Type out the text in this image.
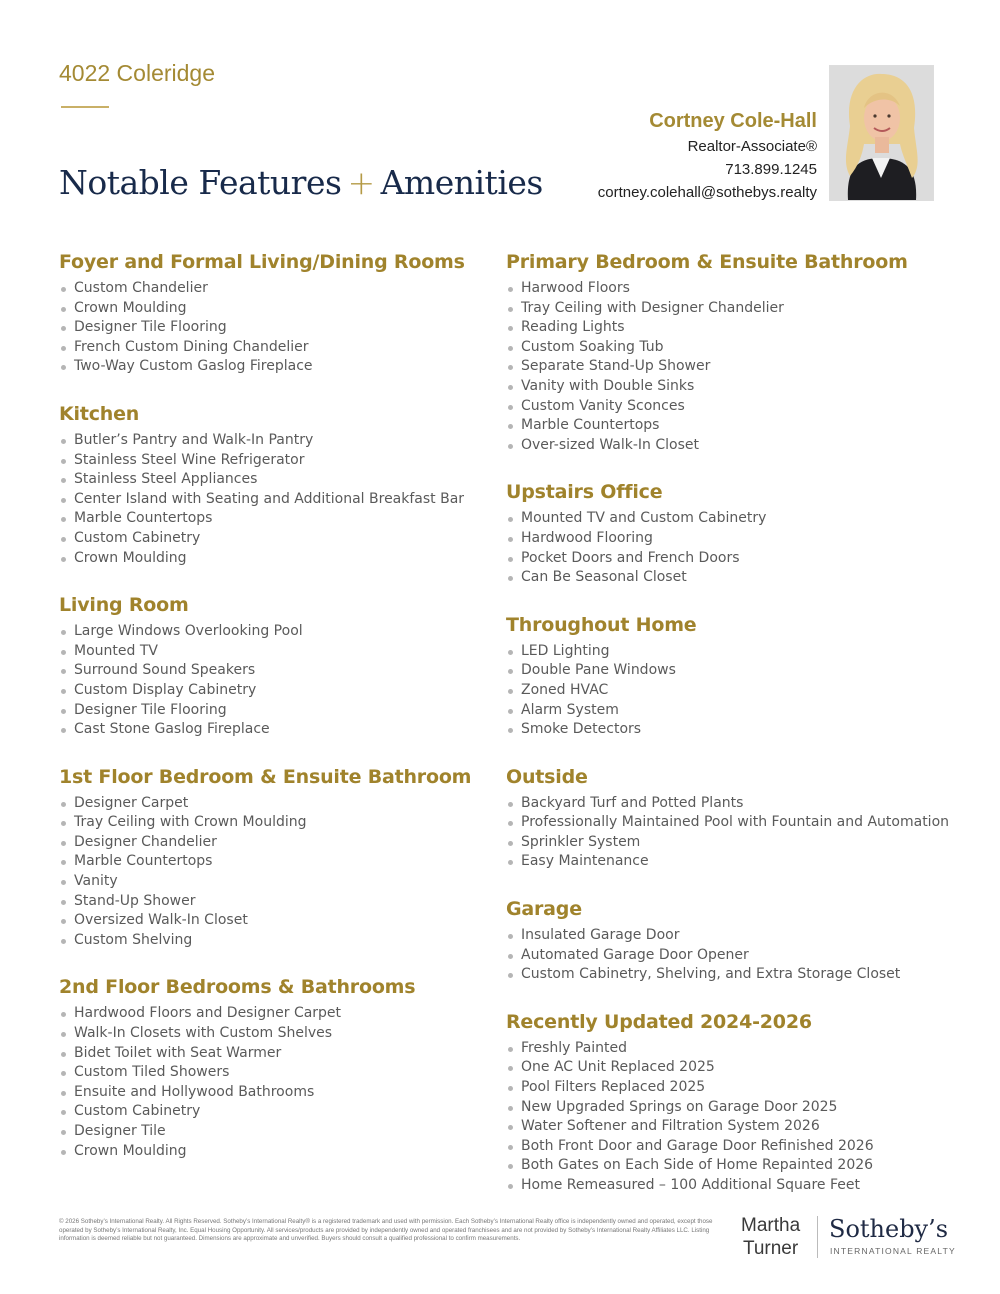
4022 Coleridge
Notable Features + Amenities
Cortney Cole-Hall
Realtor-Associate®
713.899.1245
cortney.colehall@sothebys.realty
Foyer and Formal Living/Dining Rooms
Custom Chandelier
Crown Moulding
Designer Tile Flooring
French Custom Dining Chandelier
Two-Way Custom Gaslog Fireplace
Kitchen
Butler’s Pantry and Walk-In Pantry
Stainless Steel Wine Refrigerator
Stainless Steel Appliances
Center Island with Seating and Additional Breakfast Bar
Marble Countertops
Custom Cabinetry
Crown Moulding
Living Room
Large Windows Overlooking Pool
Mounted TV
Surround Sound Speakers
Custom Display Cabinetry
Designer Tile Flooring
Cast Stone Gaslog Fireplace
1st Floor Bedroom & Ensuite Bathroom
Designer Carpet
Tray Ceiling with Crown Moulding
Designer Chandelier
Marble Countertops
Vanity
Stand-Up Shower
Oversized Walk-In Closet
Custom Shelving
2nd Floor Bedrooms & Bathrooms
Hardwood Floors and Designer Carpet
Walk-In Closets with Custom Shelves
Bidet Toilet with Seat Warmer
Custom Tiled Showers
Ensuite and Hollywood Bathrooms
Custom Cabinetry
Designer Tile
Crown Moulding
Primary Bedroom & Ensuite Bathroom
Harwood Floors
Tray Ceiling with Designer Chandelier
Reading Lights
Custom Soaking Tub
Separate Stand-Up Shower
Vanity with Double Sinks
Custom Vanity Sconces
Marble Countertops
Over-sized Walk-In Closet
Upstairs Office
Mounted TV and Custom Cabinetry
Hardwood Flooring
Pocket Doors and French Doors
Can Be Seasonal Closet
Throughout Home
LED Lighting
Double Pane Windows
Zoned HVAC
Alarm System
Smoke Detectors
Outside
Backyard Turf and Potted Plants
Professionally Maintained Pool with Fountain and Automation
Sprinkler System
Easy Maintenance
Garage
Insulated Garage Door
Automated Garage Door Opener
Custom Cabinetry, Shelving, and Extra Storage Closet
Recently Updated 2024-2026
Freshly Painted
One AC Unit Replaced 2025
Pool Filters Replaced 2025
New Upgraded Springs on Garage Door 2025
Water Softener and Filtration System 2026
Both Front Door and Garage Door Refinished 2026
Both Gates on Each Side of Home Repainted 2026
Home Remeasured – 100 Additional Square Feet
© 2026 Sotheby’s International Realty. All Rights Reserved. Sotheby’s International Realty® is a registered trademark and used with permission. Each Sotheby’s International Realty office is independently owned and operated, except those operated by Sotheby’s International Realty, Inc. Equal Housing Opportunity. All services/products are provided by independently owned and operated franchisees and are not provided by Sotheby’s International Realty Affiliates LLC. Listing information is deemed reliable but not guaranteed. Dimensions are approximate and unverified. Buyers should consult a qualified professional to confirm measurements.
Martha
Turner
Sotheby’s
INTERNATIONAL REALTY
